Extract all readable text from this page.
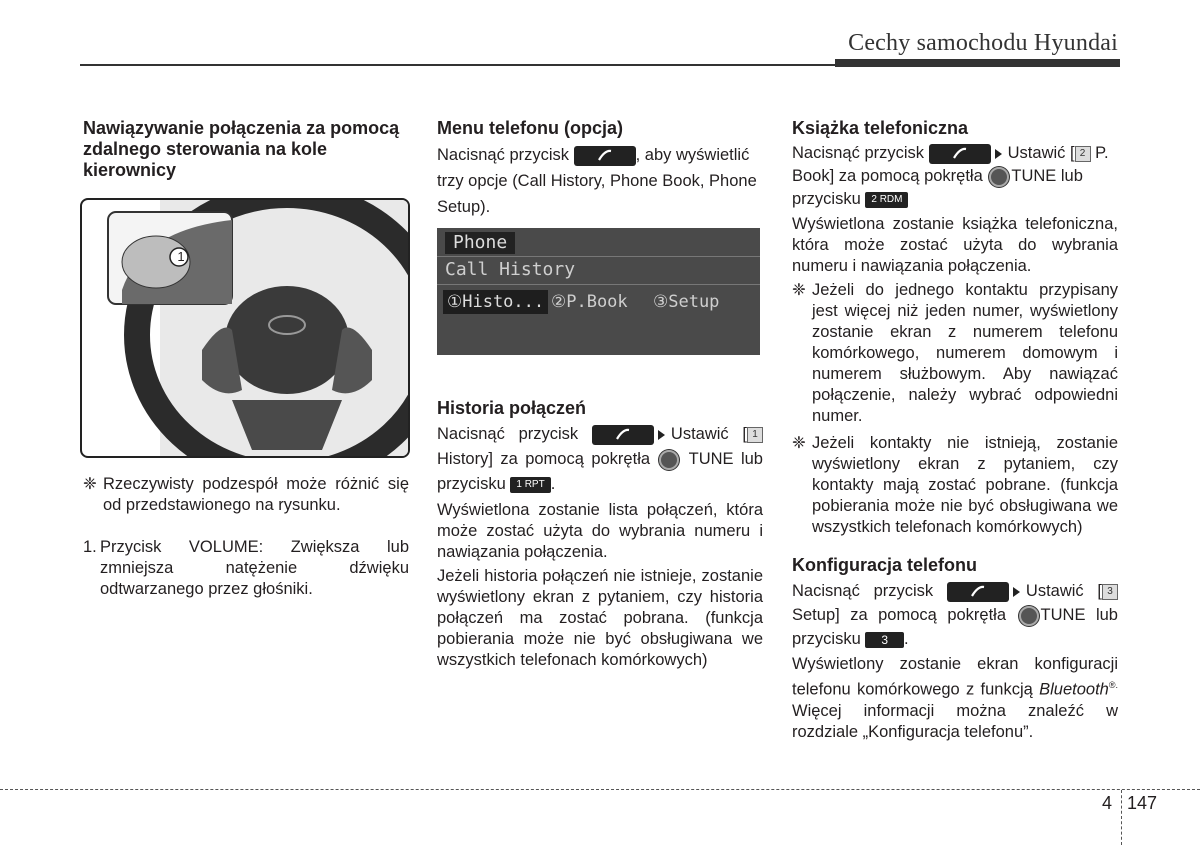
Cechy samochodu Hyundai

Nawiązywanie połączenia za pomocą zdalnego sterowania na kole kierownicy

1

❈ Rzeczywisty podzespół może różnić się od przedstawionego na rysunku.

1. Przycisk VOLUME: Zwiększa lub zmniejsza natężenie dźwięku odtwarzanego przez głośniki.

Menu telefonu (opcja)

Nacisnąć przycisk	, aby wyświetlić trzy opcje (Call History, Phone Book, Phone Setup).

Phone
Call History
①Histo... ②P.Book ③Setup

Historia połączeń

Nacisnąć przycisk	Ustawić [ 1 History] za pomocą pokrętła TUNE lub przycisku 1 RPT .

Wyświetlona zostanie lista połączeń, która może zostać użyta do wybrania numeru i nawiązania połączenia.

Jeżeli historia połączeń nie istnieje, zostanie wyświetlony ekran z pytaniem, czy historia połączeń ma zostać pobrana. (funkcja pobierania może nie być obsługiwana we wszystkich telefonach komórkowych)

Książka telefoniczna

Nacisnąć przycisk	Ustawić [ 2 P. Book] za pomocą pokrętła TUNE lub przycisku 2 RDM

Wyświetlona zostanie książka telefoniczna, która może zostać użyta do wybrania numeru i nawiązania połączenia.

❈ Jeżeli do jednego kontaktu przypisany jest więcej niż jeden numer, wyświetlony zostanie ekran z numerem telefonu komórkowego, numerem domowym i numerem służbowym. Aby nawiązać połączenie, należy wybrać odpowiedni numer.

❈ Jeżeli kontakty nie istnieją, zostanie wyświetlony ekran z pytaniem, czy kontakty mają zostać pobrane. (funkcja pobierania może nie być obsługiwana we wszystkich telefonach komórkowych)

Konfiguracja telefonu

Nacisnąć przycisk	Ustawić [ 3 Setup] za pomocą pokrętła TUNE lub przycisku 3 .

Wyświetlony zostanie ekran konfiguracji telefonu komórkowego z funkcją Bluetooth®. Więcej informacji można znaleźć w rozdziale „Konfiguracja telefonu”.

4 147
